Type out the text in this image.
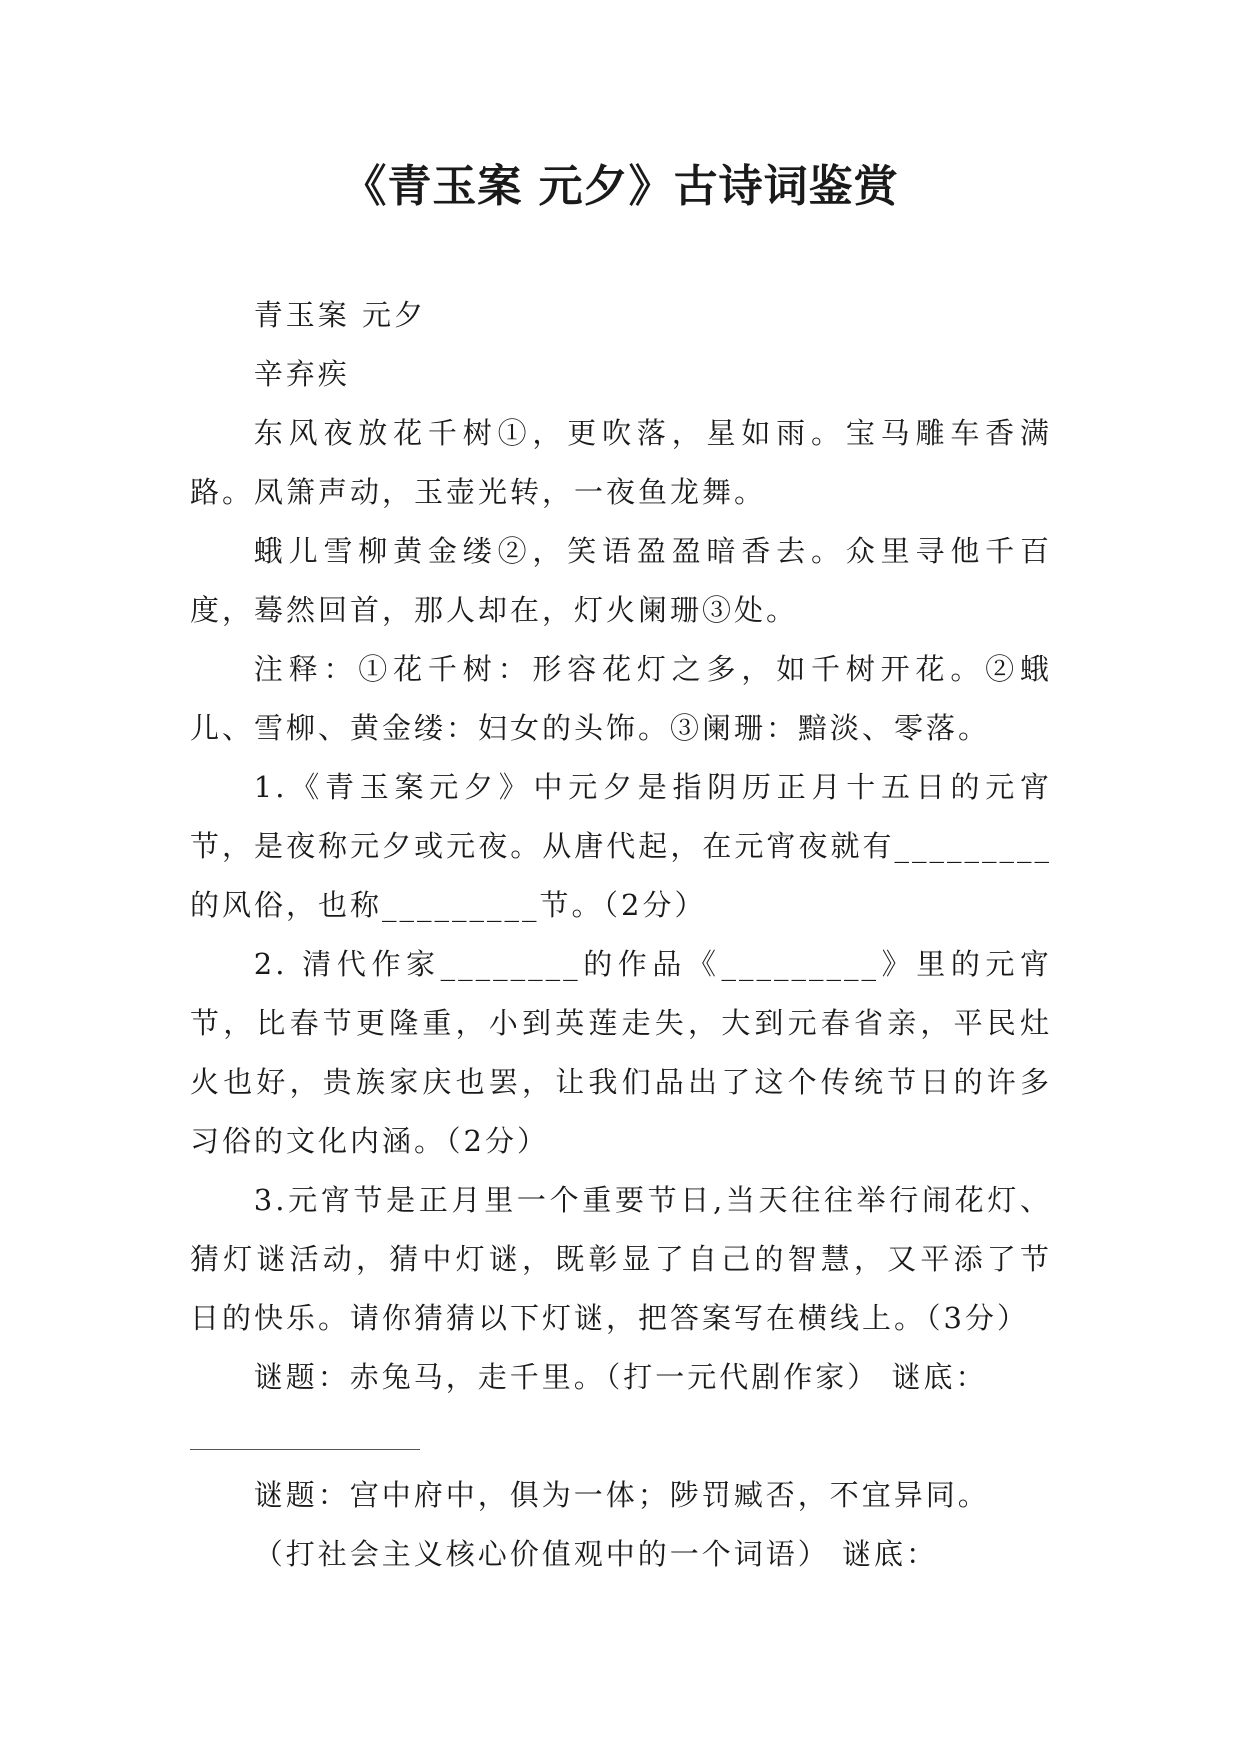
《青玉案 元夕》古诗词鉴赏

青玉案 元夕

辛弃疾

东风夜放花千树①，更吹落，星如雨。宝马雕车香满路。凤箫声动，玉壶光转，一夜鱼龙舞。

蛾儿雪柳黄金缕②，笑语盈盈暗香去。众里寻他千百度，蓦然回首，那人却在，灯火阑珊③处。

注释：①花千树：形容花灯之多，如千树开花。②蛾儿、雪柳、黄金缕：妇女的头饰。③阑珊：黯淡、零落。

1.《青玉案元夕》中元夕是指阴历正月十五日的元宵节，是夜称元夕或元夜。从唐代起，在元宵夜就有_________的风俗，也称_________节。（2分）

2. 清代作家________的作品《_________》里的元宵节，比春节更隆重，小到英莲走失，大到元春省亲，平民灶火也好，贵族家庆也罢，让我们品出了这个传统节日的许多习俗的文化内涵。（2分）

3.元宵节是正月里一个重要节日,当天往往举行闹花灯、猜灯谜活动，猜中灯谜，既彰显了自己的智慧，又平添了节日的快乐。请你猜猜以下灯谜，把答案写在横线上。（3分）

谜题：赤兔马，走千里。（打一元代剧作家） 谜底：

谜题：宫中府中，俱为一体；陟罚臧否，不宜异同。

（打社会主义核心价值观中的一个词语） 谜底：
